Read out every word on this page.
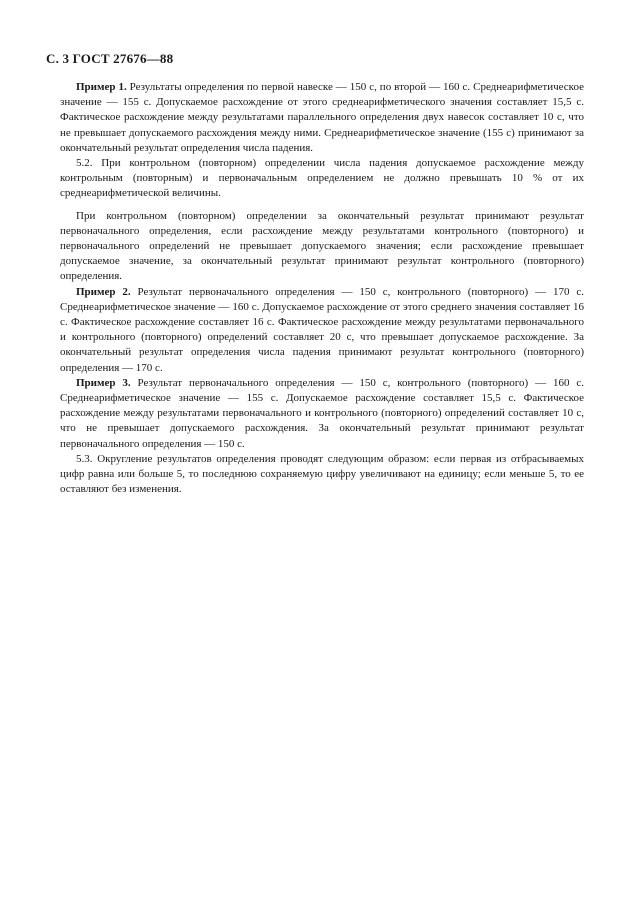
С. 3 ГОСТ 27676—88

Пример 1. Результаты определения по первой навеске — 150 с, по второй — 160 с. Среднеарифметическое значение — 155 с. Допускаемое расхождение от этого среднеарифметического значения составляет 15,5 с. Фактическое расхождение между результатами параллельного определения двух навесок составляет 10 с, что не превышает допускаемого расхождения между ними. Среднеарифметическое значение (155 с) принимают за окончательный результат определения числа падения.

5.2. При контрольном (повторном) определении числа падения допускаемое расхождение между контрольным (повторным) и первоначальным определением не должно превышать 10 % от их среднеарифметической величины.

При контрольном (повторном) определении за окончательный результат принимают результат первоначального определения, если расхождение между результатами контрольного (повторного) и первоначального определений не превышает допускаемого значения; если расхождение превышает допускаемое значение, за окончательный результат принимают результат контрольного (повторного) определения.

Пример 2. Результат первоначального определения — 150 с, контрольного (повторного) — 170 с. Среднеарифметическое значение — 160 с. Допускаемое расхождение от этого среднего значения составляет 16 с. Фактическое расхождение составляет 16 с. Фактическое расхождение между результатами первоначального и контрольного (повторного) определений составляет 20 с, что превышает допускаемое расхождение. За окончательный результат определения числа падения принимают результат контрольного (повторного) определения — 170 с.

Пример 3. Результат первоначального определения — 150 с, контрольного (повторного) — 160 с. Среднеарифметическое значение — 155 с. Допускаемое расхождение составляет 15,5 с. Фактическое расхождение между результатами первоначального и контрольного (повторного) определений составляет 10 с, что не превышает допускаемого расхождения. За окончательный результат принимают результат первоначального определения — 150 с.

5.3. Округление результатов определения проводят следующим образом: если первая из отбрасываемых цифр равна или больше 5, то последнюю сохраняемую цифру увеличивают на единицу; если меньше 5, то ее оставляют без изменения.
